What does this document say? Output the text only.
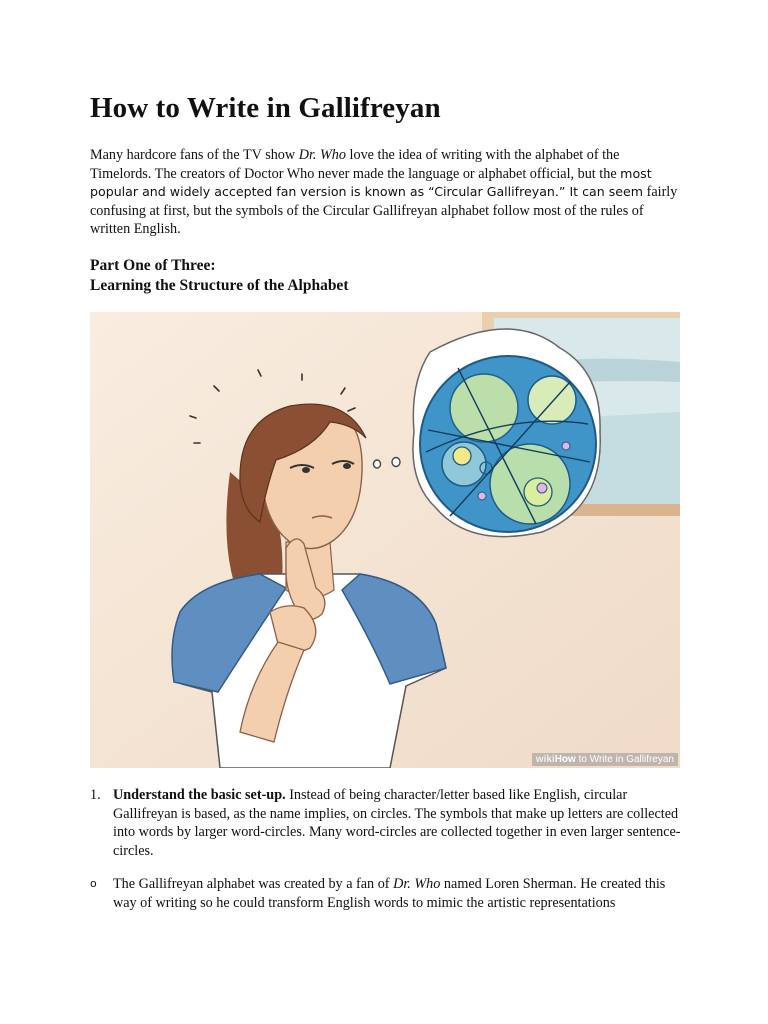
How to Write in Gallifreyan

Many hardcore fans of the TV show Dr. Who love the idea of writing with the alphabet of the Timelords. The creators of Doctor Who never made the language or alphabet official, but the most popular and widely accepted fan version is known as “Circular Gallifreyan.” It can seem fairly confusing at first, but the symbols of the Circular Gallifreyan alphabet follow most of the rules of written English.

Part One of Three:
Learning the Structure of the Alphabet
wikiHow to Write in Gallifreyan
1. Understand the basic set-up. Instead of being character/letter based like English, circular Gallifreyan is based, as the name implies, on circles. The symbols that make up letters are collected into words by larger word-circles. Many word-circles are collected together in even larger sentence-circles.
o The Gallifreyan alphabet was created by a fan of Dr. Who named Loren Sherman. He created this way of writing so he could transform English words to mimic the artistic representations
